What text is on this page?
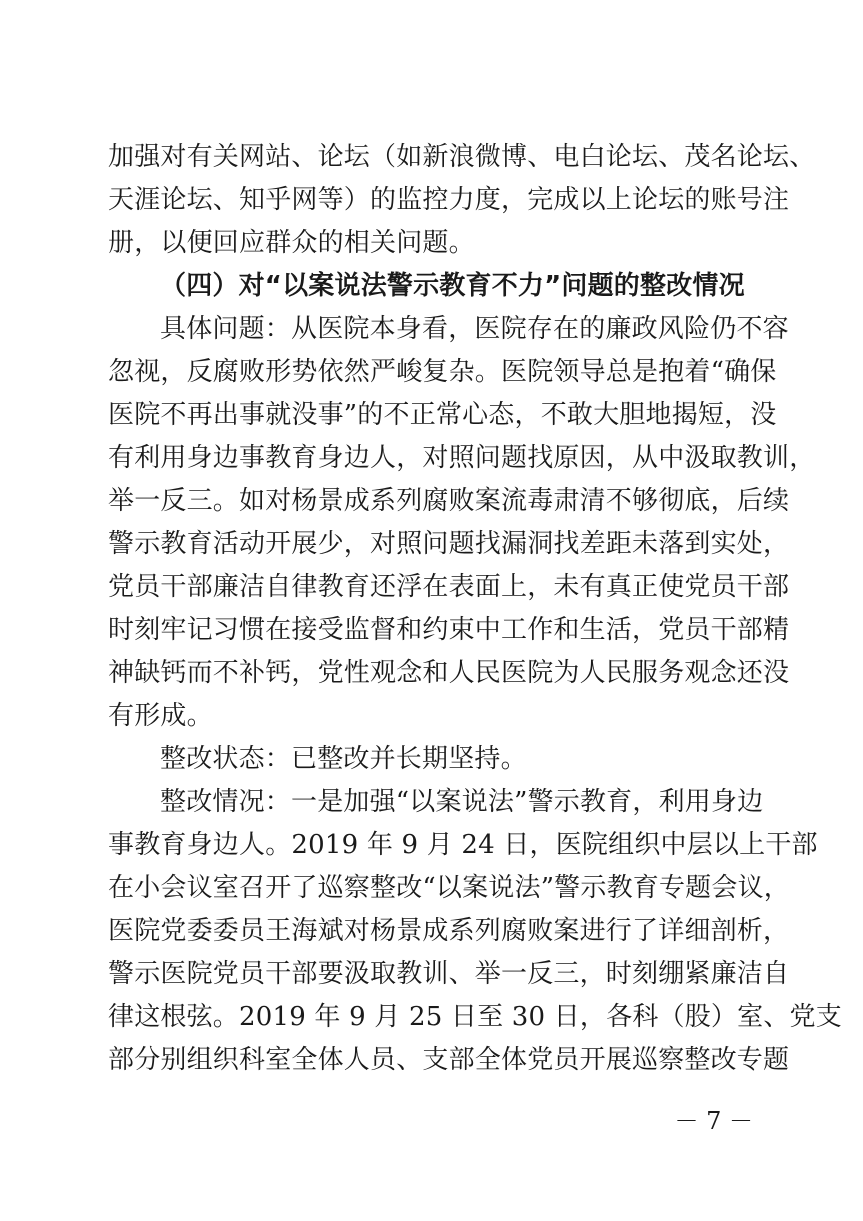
加强对有关网站、论坛（如新浪微博、电白论坛、茂名论坛、
天涯论坛、知乎网等）的监控力度，完成以上论坛的账号注
册，以便回应群众的相关问题。
（四）对“以案说法警示教育不力”问题的整改情况
具体问题：从医院本身看，医院存在的廉政风险仍不容
忽视，反腐败形势依然严峻复杂。医院领导总是抱着“确保
医院不再出事就没事”的不正常心态，不敢大胆地揭短，没
有利用身边事教育身边人，对照问题找原因，从中汲取教训，
举一反三。如对杨景成系列腐败案流毒肃清不够彻底，后续
警示教育活动开展少，对照问题找漏洞找差距未落到实处，
党员干部廉洁自律教育还浮在表面上，未有真正使党员干部
时刻牢记习惯在接受监督和约束中工作和生活，党员干部精
神缺钙而不补钙，党性观念和人民医院为人民服务观念还没
有形成。
整改状态：已整改并长期坚持。
整改情况：一是加强“以案说法”警示教育，利用身边
事教育身边人。2019 年 9 月 24 日，医院组织中层以上干部
在小会议室召开了巡察整改“以案说法”警示教育专题会议，
医院党委委员王海斌对杨景成系列腐败案进行了详细剖析，
警示医院党员干部要汲取教训、举一反三，时刻绷紧廉洁自
律这根弦。2019 年 9 月 25 日至 30 日，各科（股）室、党支
部分别组织科室全体人员、支部全体党员开展巡察整改专题
－ 7 －
